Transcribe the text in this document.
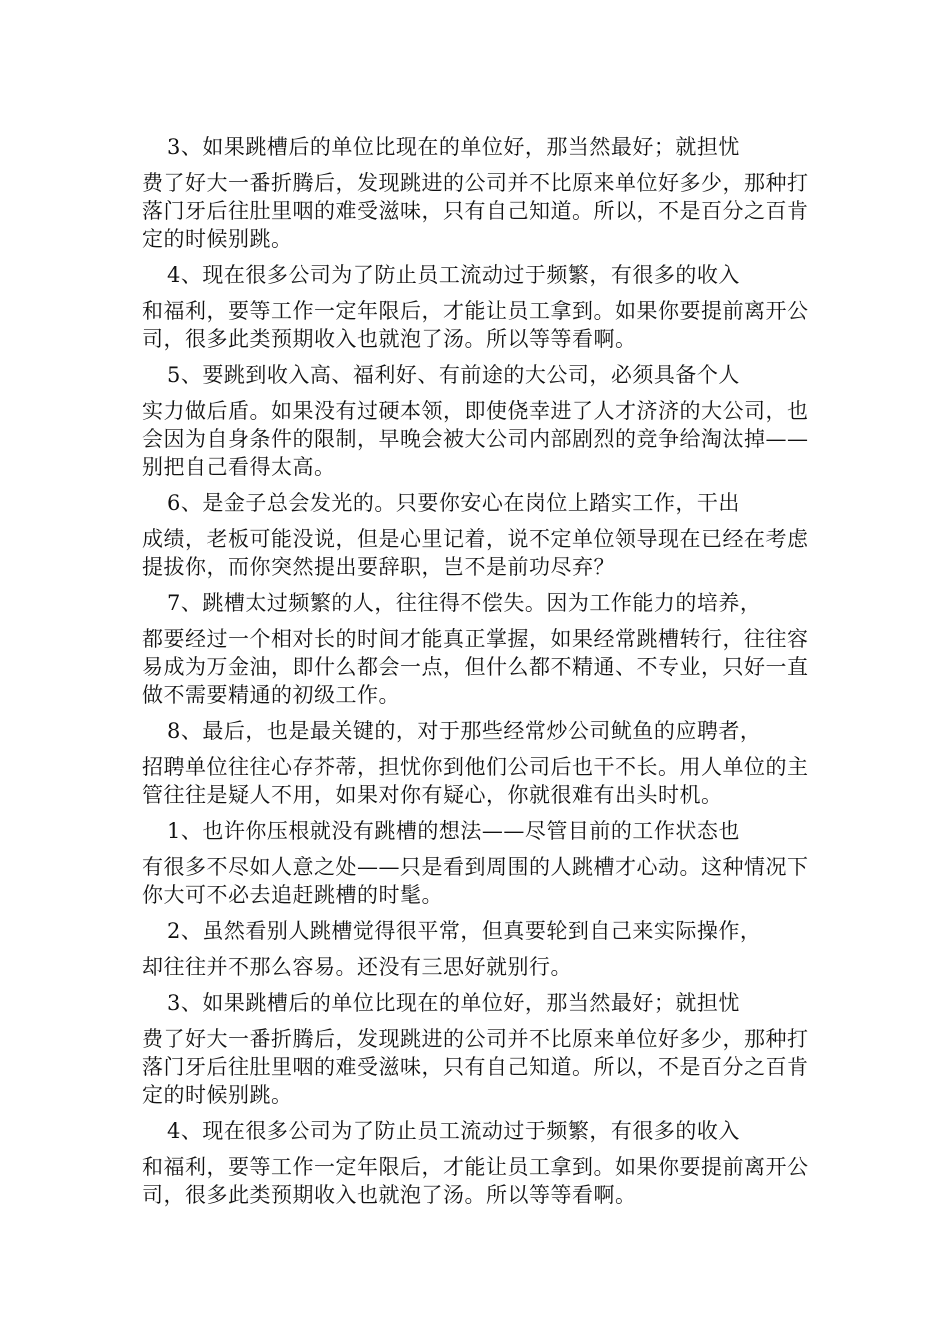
3、如果跳槽后的单位比现在的单位好，那当然最好；就担忧
费了好大一番折腾后，发现跳进的公司并不比原来单位好多少，那种打落门牙后往肚里咽的难受滋味，只有自己知道。所以，不是百分之百肯定的时候别跳。

4、现在很多公司为了防止员工流动过于频繁，有很多的收入
和福利，要等工作一定年限后，才能让员工拿到。如果你要提前离开公司，很多此类预期收入也就泡了汤。所以等等看啊。

5、要跳到收入高、福利好、有前途的大公司，必须具备个人
实力做后盾。如果没有过硬本领，即使侥幸进了人才济济的大公司，也会因为自身条件的限制，早晚会被大公司内部剧烈的竞争给淘汰掉——别把自己看得太高。

6、是金子总会发光的。只要你安心在岗位上踏实工作，干出
成绩，老板可能没说，但是心里记着，说不定单位领导现在已经在考虑提拔你，而你突然提出要辞职，岂不是前功尽弃？

7、跳槽太过频繁的人，往往得不偿失。因为工作能力的培养，
都要经过一个相对长的时间才能真正掌握，如果经常跳槽转行，往往容易成为万金油，即什么都会一点，但什么都不精通、不专业，只好一直做不需要精通的初级工作。

8、最后，也是最关键的，对于那些经常炒公司鱿鱼的应聘者，
招聘单位往往心存芥蒂，担忧你到他们公司后也干不长。用人单位的主管往往是疑人不用，如果对你有疑心，你就很难有出头时机。

1、也许你压根就没有跳槽的想法——尽管目前的工作状态也
有很多不尽如人意之处——只是看到周围的人跳槽才心动。这种情况下你大可不必去追赶跳槽的时髦。

2、虽然看别人跳槽觉得很平常，但真要轮到自己来实际操作，
却往往并不那么容易。还没有三思好就别行。

3、如果跳槽后的单位比现在的单位好，那当然最好；就担忧
费了好大一番折腾后，发现跳进的公司并不比原来单位好多少，那种打落门牙后往肚里咽的难受滋味，只有自己知道。所以，不是百分之百肯定的时候别跳。

4、现在很多公司为了防止员工流动过于频繁，有很多的收入
和福利，要等工作一定年限后，才能让员工拿到。如果你要提前离开公司，很多此类预期收入也就泡了汤。所以等等看啊。
